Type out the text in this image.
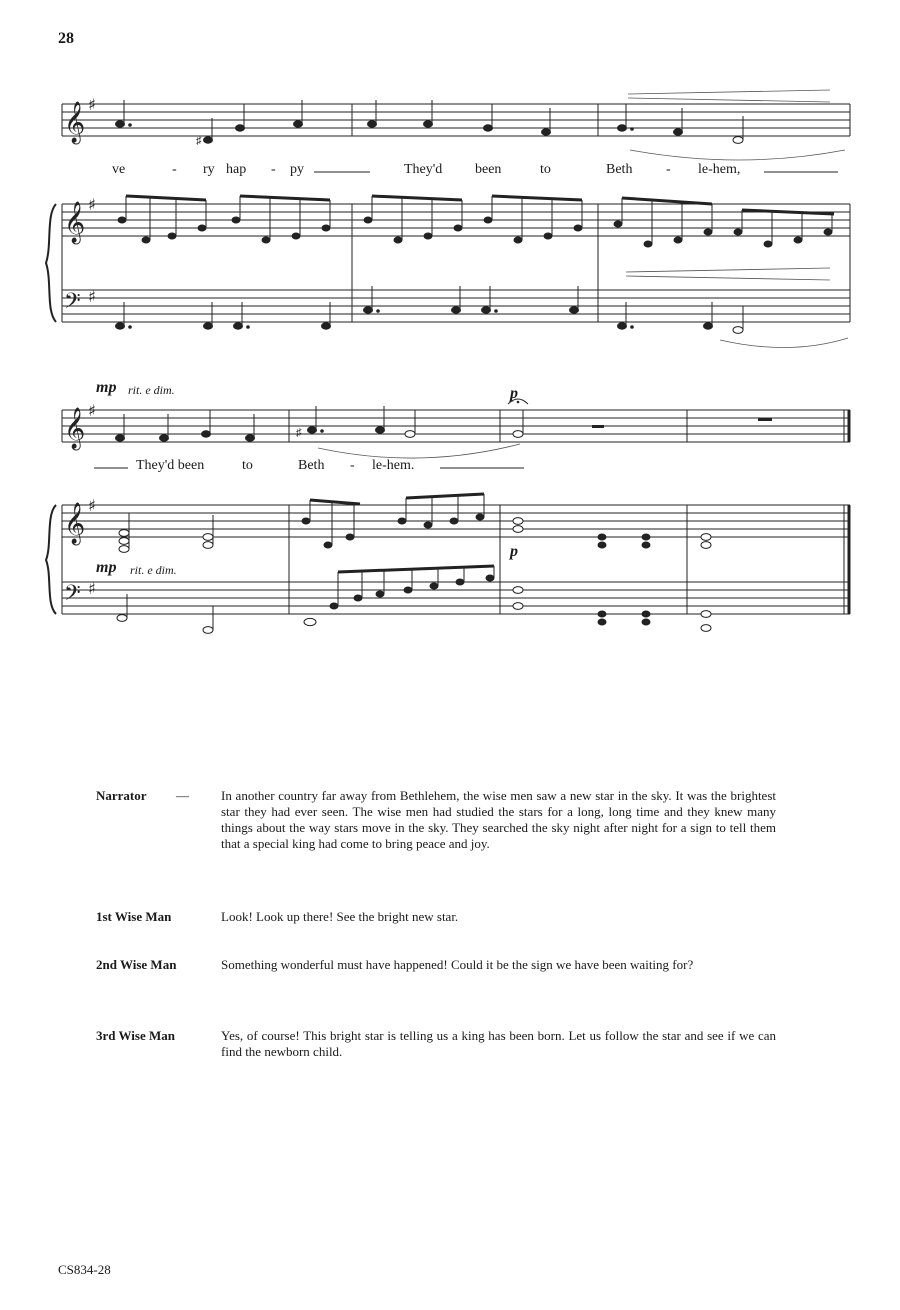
28
𝄞 ♯
𝄞 ♯
𝄢 ♯
𝄞 ♯
𝄞 ♯
𝄢 ♯
♯
♯
ve	- ry hap - py	They'd been	to	Beth - le-hem,
mp rit. e dim.	p
mp rit. e dim.
p
They'd been	to	Beth - le-hem.
Narrator	— In another country far away from Bethlehem, the wise men saw a new star in the sky. It was the brightest star they had ever seen. The wise men had studied the stars for a long, long time and they knew many things about the way stars move in the sky. They searched the sky night after night for a sign to tell them that a special king had come to bring peace and joy.
1st Wise Man	Look! Look up there! See the bright new star.
2nd Wise Man	Something wonderful must have happened! Could it be the sign we have been waiting for?
3rd Wise Man	Yes, of course! This bright star is telling us a king has been born. Let us follow the star and see if we can find the newborn child.
CS834-28
